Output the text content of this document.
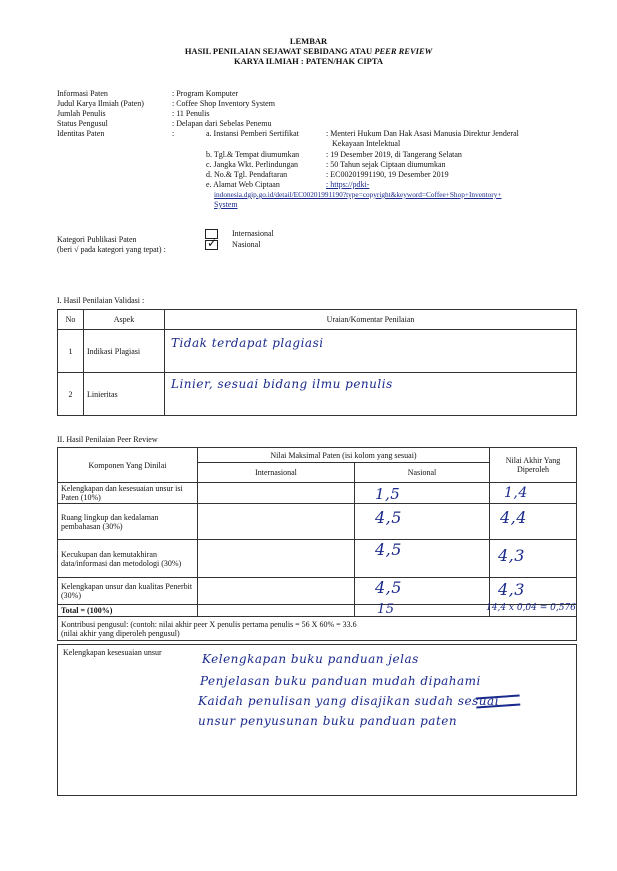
LEMBAR
HASIL PENILAIAN SEJAWAT SEBIDANG ATAU PEER REVIEW
KARYA ILMIAH : PATEN/HAK CIPTA
Informasi Paten	: Program Komputer
Judul Karya Ilmiah (Paten)	: Coffee Shop Inventory System
Jumlah Penulis	: 11 Penulis
Status Pengusul	: Delapan dari Sebelas Penemu
Identitas Paten	:	a. Instansi Pemberi Sertifikat	: Menteri Hukum Dan Hak Asasi Manusia Direktur Jenderal
Kekayaan Intelektual
b. Tgl.& Tempat diumumkan	: 19 Desember 2019, di Tangerang Selatan
c. Jangka Wkt. Perlindungan	: 50 Tahun sejak Ciptaan diumumkan
d. No.& Tgl. Pendaftaran	: EC00201991190, 19 Desember 2019
e. Alamat Web Ciptaan	: https://pdki-
indonesia.dgip.go.id/detail/EC00201991190?type=copyright&keyword=Coffee+Shop+Inventory+
System
Kategori Publikasi Paten
(beri √ pada kategori yang tepat) :
Internasional
✓ Nasional
I. Hasil Penilaian Validasi :
No	Aspek	Uraian/Komentar Penilaian
1	Indikasi Plagiasi	Tidak terdapat plagiasi

2	Linieritas	Linier, sesuai bidang ilmu penulis
II. Hasil Penilaian Peer Review
Komponen Yang Dinilai	Nilai Maksimal Paten (isi kolom yang sesuai)		Nilai Akhir Yang Diperoleh
	Internasional	Nasional	
Kelengkapan dan kesesuaian unsur isi Paten (10%)		1,5	1,4

Ruang lingkup dan kedalaman pembahasan (30%)		4,5	4,4

Kecukupan dan kemutakhiran data/informasi dan metodologi (30%)		4,5	4,3

Kelengkapan unsur dan kualitas Penerbit (30%)		4,5	4,3

Total = (100%)		15	14,4 x 0,04 = 0,576

Kontribusi pengusul: (contoh: nilai akhir peer X penulis pertama penulis = 56 X 60% = 33.6
(nilai akhir yang diperoleh pengusul)			
Kelengkapan kesesuaian unsur	Kelengkapan buku panduan jelas
Penjelasan buku panduan mudah dipahami
Kaidah penulisan yang disajikan sudah sesuai
unsur penyusunan buku panduan paten
